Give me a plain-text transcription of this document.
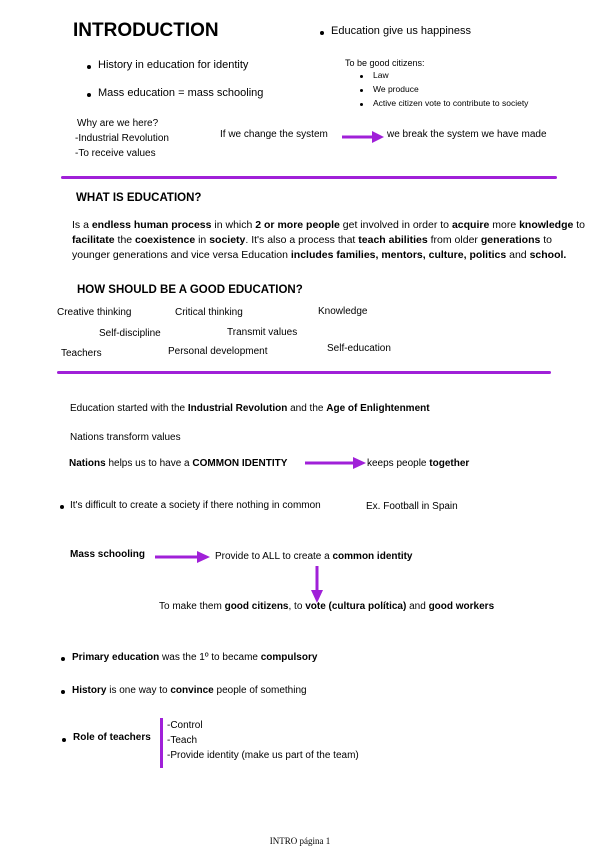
INTRODUCTION	Education give us happiness
History in education for identity
Mass education = mass schooling
To be good citizens:
Law
We produce
Active citizen vote to contribute to society
Why are we here?
-Industrial Revolution
-To receive values
If we change the system	we break the system we have made
WHAT IS EDUCATION?
Is a endless human process in which 2 or more people get involved in order to acquire more knowledge to facilitate the coexistence in society. It's also a process that teach abilities from older generations to younger generations and vice versa Education includes families, mentors, culture, politics and school.
HOW SHOULD BE A GOOD EDUCATION?
Creative thinking	Critical thinking	Knowledge
Self-discipline	Transmit values
Teachers	Personal development	Self-education
Education started with the Industrial Revolution and the Age of Enlightenment
Nations transform values
Nations helps us to have a COMMON IDENTITY	keeps people together
It's difficult to create a society if there nothing in common	Ex. Football in Spain
Mass schooling	Provide to ALL to create a common identity
To make them good citizens, to vote (cultura política) and good workers
Primary education was the 1º to became compulsory
History is one way to convince people of something
Role of teachers
-Control
-Teach
-Provide identity (make us part of the team)
INTRO página 1
